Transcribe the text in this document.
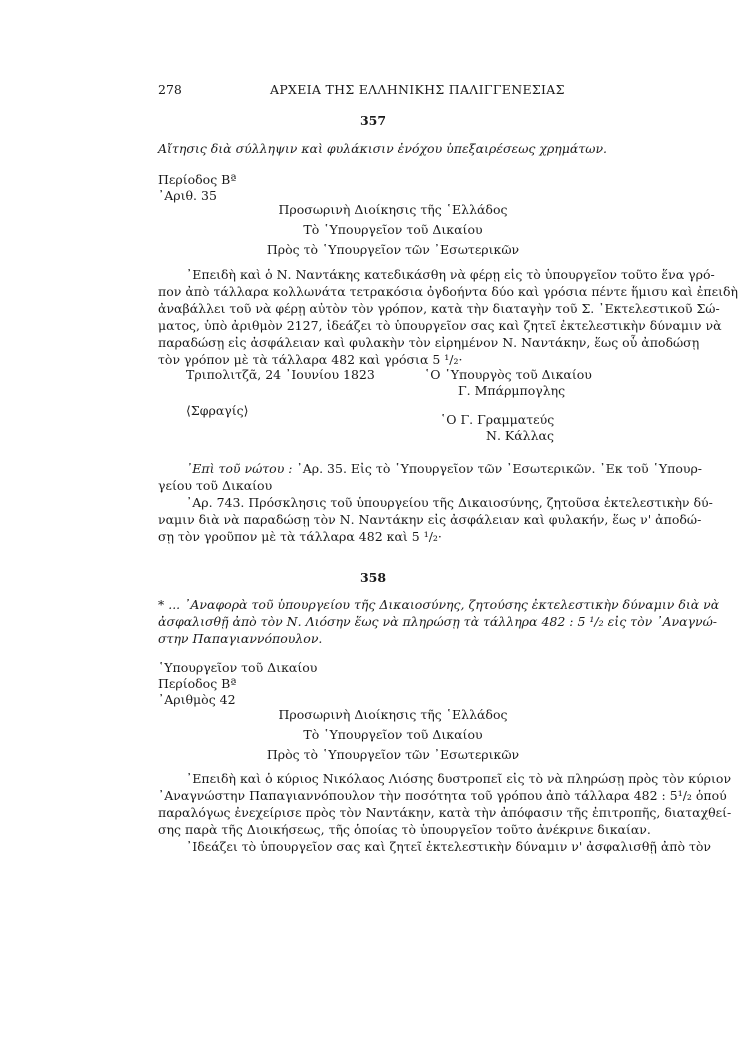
278	ΑΡΧΕΙΑ ΤΗΣ ΕΛΛΗΝΙΚΗΣ ΠΑΛΙΓΓΕΝΕΣΙΑΣ
357
Αἴτησις διὰ σύλληψιν καὶ φυλάκισιν ἐνόχου ὑπεξαιρέσεως χρημάτων.
Περίοδος Βª
᾿Αριθ. 35
Προσωρινὴ Διοίκησις τῆς ῾Ελλάδος
Τὸ ῾Υπουργεῖον τοῦ Δικαίου
Πρὸς τὸ ῾Υπουργεῖον τῶν ᾿Εσωτερικῶν
᾿Επειδὴ καὶ ὁ Ν. Ναντάκης κατεδικάσθη νὰ φέρῃ εἰς τὸ ὑπουργεῖον τοῦτο ἕνα γρό-
πον ἀπὸ τάλλαρα κολλωνάτα τετρακόσια ὀγδοήντα δύο καὶ γρόσια πέντε ἥμισυ καὶ ἐπειδὴ
ἀναβάλλει τοῦ νὰ φέρῃ αὐτὸν τὸν γρόπον, κατὰ τὴν διαταγὴν τοῦ Σ. ᾿Εκτελεστικοῦ Σώ-
ματος, ὑπὸ ἀριθμὸν 2127, ἰδεάζει τὸ ὑπουργεῖον σας καὶ ζητεῖ ἐκτελεστικὴν δύναμιν νὰ
παραδώσῃ εἰς ἀσφάλειαν καὶ φυλακὴν τὸν εἰρημένον Ν. Ναντάκην, ἕως οὗ ἀποδώσῃ
τὸν γρόπον μὲ τὰ τάλλαρα 482 καὶ γρόσια 5 ¹/₂·
Τριπολιτζᾶ, 24 ᾿Ιουνίου 1823	῾Ο ῾Υπουργὸς τοῦ Δικαίου
Γ. Μπάρμπογλης
⟨Σφραγίς⟩
῾Ο Γ. Γραμματεύς
Ν. Κάλλας
᾿Επὶ τοῦ νώτου : ᾿Αρ. 35. Εἰς τὸ ῾Υπουργεῖον τῶν ᾿Εσωτερικῶν. ᾿Εκ τοῦ ῾Υπουρ-
γείου τοῦ Δικαίου
᾿Αρ. 743. Πρόσκλησις τοῦ ὑπουργείου τῆς Δικαιοσύνης, ζητοῦσα ἐκτελεστικὴν δύ-
ναμιν διὰ νὰ παραδώσῃ τὸν Ν. Ναντάκην εἰς ἀσφάλειαν καὶ φυλακήν, ἕως ν' ἀποδώ-
σῃ τὸν γροῦπον μὲ τὰ τάλλαρα 482 καὶ 5 ¹/₂·
358
* ... ᾿Αναφορὰ τοῦ ὑπουργείου τῆς Δικαιοσύνης, ζητούσης ἐκτελεστικὴν δύναμιν διὰ νὰ
ἀσφαλισθῇ ἀπὸ τὸν Ν. Λιόσην ἕως νὰ πληρώσῃ τὰ τάλληρα 482 : 5 ¹/₂ εἰς τὸν ᾿Αναγνώ-
στην Παπαγιαννόπουλον.
῾Υπουργεῖον τοῦ Δικαίου
Περίοδος Βª
᾿Αριθμὸς 42
Προσωρινὴ Διοίκησις τῆς ῾Ελλάδος
Τὸ ῾Υπουργεῖον τοῦ Δικαίου
Πρὸς τὸ ῾Υπουργεῖον τῶν ᾿Εσωτερικῶν
᾿Επειδὴ καὶ ὁ κύριος Νικόλαος Λιόσης δυστροπεῖ εἰς τὸ νὰ πληρώσῃ πρὸς τὸν κύριον
᾿Αναγνώστην Παπαγιαννόπουλον τὴν ποσότητα τοῦ γρόπου ἀπὸ τάλλαρα 482 : 5¹/₂ ὁπού
παραλόγως ἐνεχείρισε πρὸς τὸν Ναντάκην, κατὰ τὴν ἀπόφασιν τῆς ἐπιτροπῆς, διαταχθεί-
σης παρὰ τῆς Διοικήσεως, τῆς ὁποίας τὸ ὑπουργεῖον τοῦτο ἀνέκρινε δικαίαν.
᾿Ιδεάζει τὸ ὑπουργεῖον σας καὶ ζητεῖ ἐκτελεστικὴν δύναμιν ν' ἀσφαλισθῇ ἀπὸ τὸν
